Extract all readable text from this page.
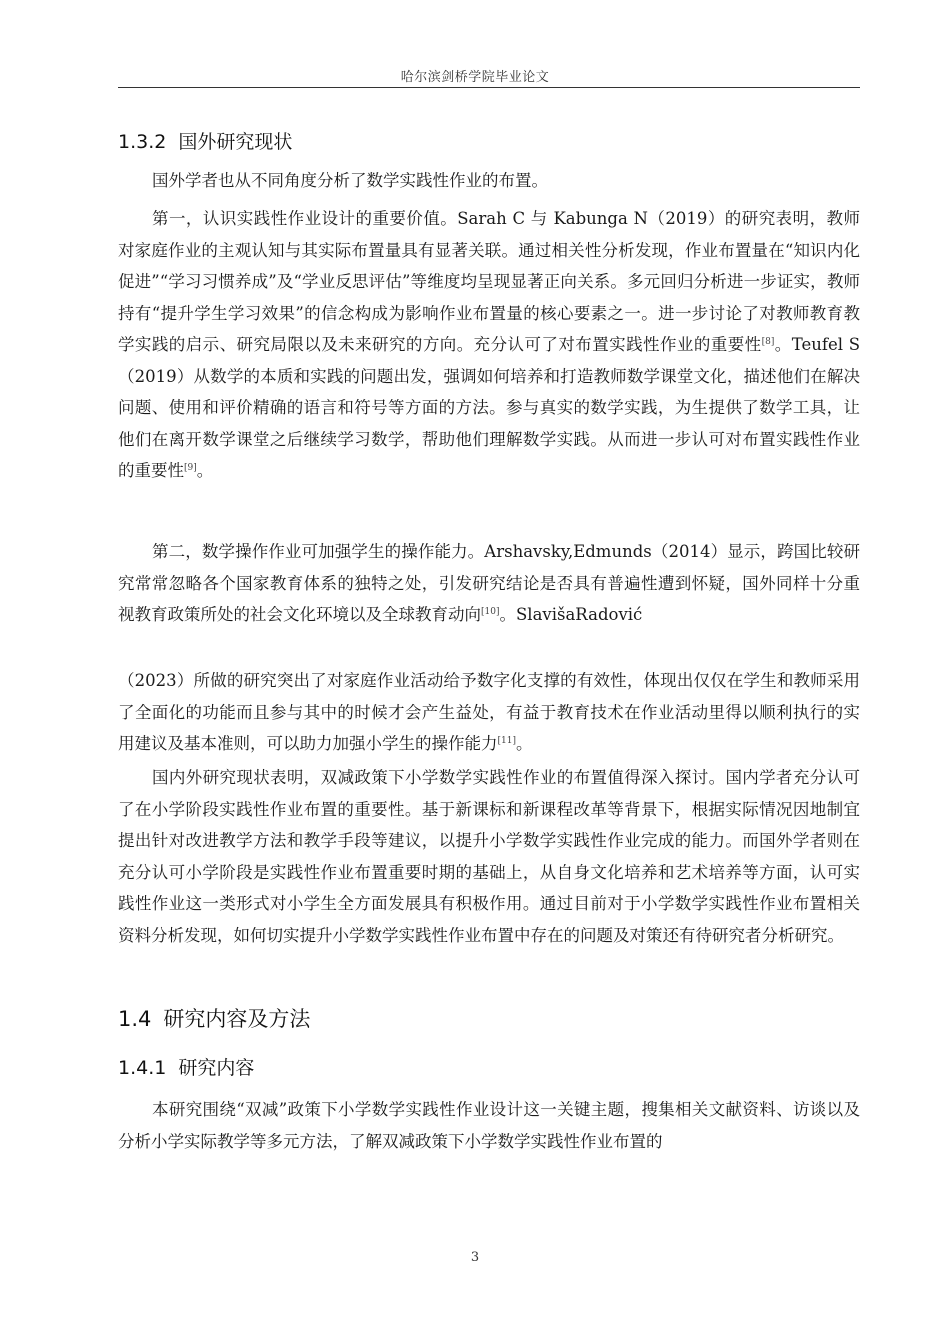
哈尔滨剑桥学院毕业论文
1.3.2 国外研究现状

国外学者也从不同角度分析了数学实践性作业的布置。

第一，认识实践性作业设计的重要价值。Sarah C 与 Kabunga N（2019）的研究表明，教师对家庭作业的主观认知与其实际布置量具有显著关联。通过相关性分析发现，作业布置量在“知识内化促进”“学习习惯养成”及“学业反思评估”等维度均呈现显著正向关系。多元回归分析进一步证实，教师持有“提升学生学习效果”的信念构成为影响作业布置量的核心要素之一。进一步讨论了对教师教育教学实践的启示、研究局限以及未来研究的方向。充分认可了对布置实践性作业的重要性[8]。Teufel S（2019）从数学的本质和实践的问题出发，强调如何培养和打造教师数学课堂文化，描述他们在解决问题、使用和评价精确的语言和符号等方面的方法。参与真实的数学实践，为生提供了数学工具，让他们在离开数学课堂之后继续学习数学，帮助他们理解数学实践。从而进一步认可对布置实践性作业的重要性[9]。

第二，数学操作作业可加强学生的操作能力。Arshavsky,Edmunds（2014）显示，跨国比较研究常常忽略各个国家教育体系的独特之处，引发研究结论是否具有普遍性遭到怀疑，国外同样十分重视教育政策所处的社会文化环境以及全球教育动向[10]。SlavišaRadović

（2023）所做的研究突出了对家庭作业活动给予数字化支撑的有效性，体现出仅仅在学生和教师采用了全面化的功能而且参与其中的时候才会产生益处，有益于教育技术在作业活动里得以顺利执行的实用建议及基本准则，可以助力加强小学生的操作能力[11]。

国内外研究现状表明，双减政策下小学数学实践性作业的布置值得深入探讨。国内学者充分认可了在小学阶段实践性作业布置的重要性。基于新课标和新课程改革等背景下，根据实际情况因地制宜提出针对改进教学方法和教学手段等建议，以提升小学数学实践性作业完成的能力。而国外学者则在充分认可小学阶段是实践性作业布置重要时期的基础上，从自身文化培养和艺术培养等方面，认可实践性作业这一类形式对小学生全方面发展具有积极作用。通过目前对于小学数学实践性作业布置相关资料分析发现，如何切实提升小学数学实践性作业布置中存在的问题及对策还有待研究者分析研究。

1.4 研究内容及方法
1.4.1 研究内容

本研究围绕“双减”政策下小学数学实践性作业设计这一关键主题，搜集相关文献资料、访谈以及分析小学实际教学等多元方法，了解双减政策下小学数学实践性作业布置的

3
